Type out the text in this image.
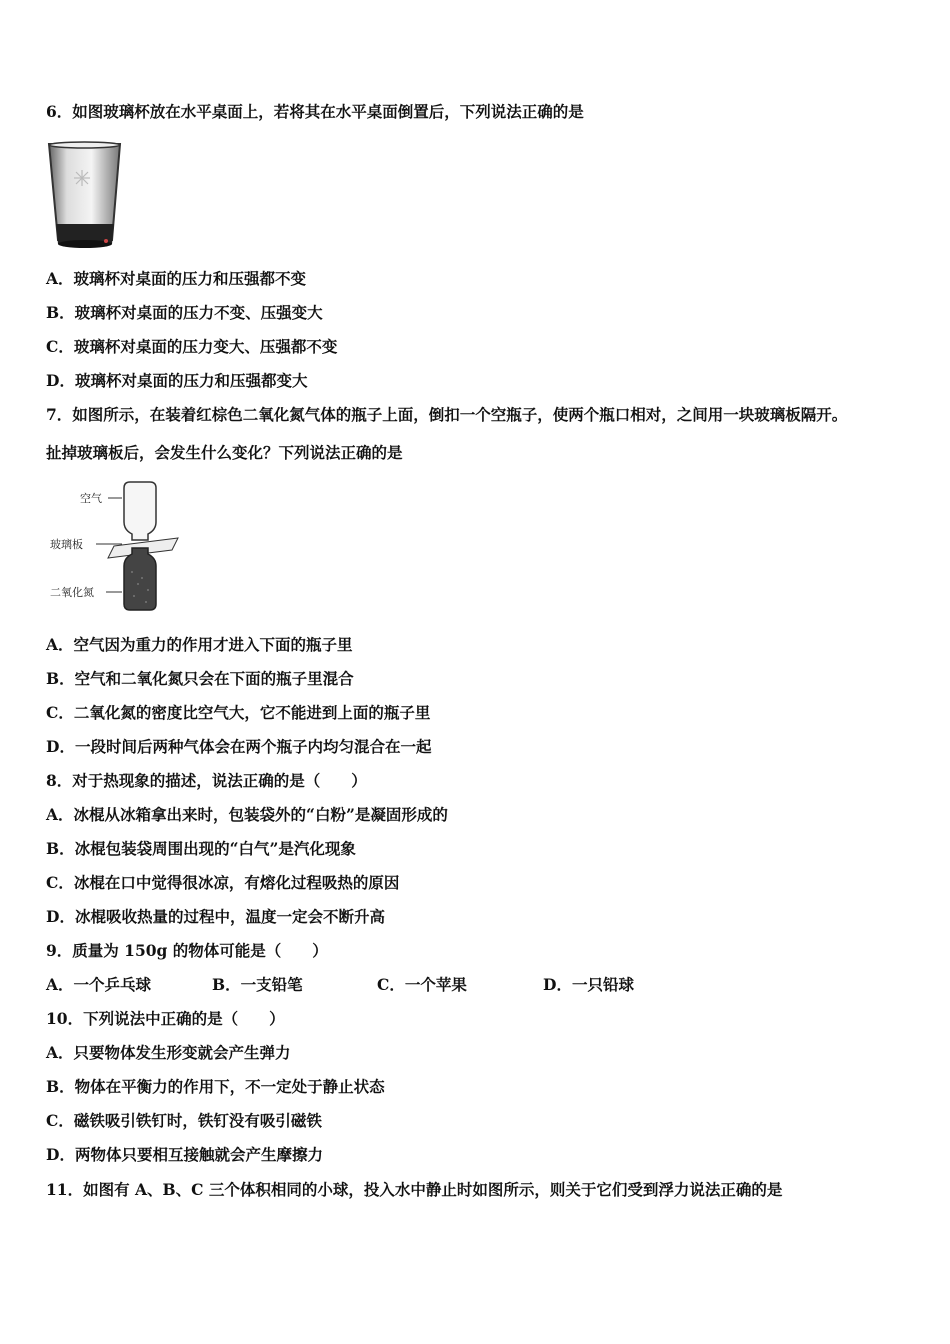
6．如图玻璃杯放在水平桌面上，若将其在水平桌面倒置后，下列说法正确的是
A．玻璃杯对桌面的压力和压强都不变
B．玻璃杯对桌面的压力不变、压强变大
C．玻璃杯对桌面的压力变大、压强都不变
D．玻璃杯对桌面的压力和压强都变大
7．如图所示，在装着红棕色二氧化氮气体的瓶子上面，倒扣一个空瓶子，使两个瓶口相对，之间用一块玻璃板隔开。
扯掉玻璃板后，会发生什么变化？下列说法正确的是
空气
玻璃板
二氧化氮
A．空气因为重力的作用才进入下面的瓶子里
B．空气和二氧化氮只会在下面的瓶子里混合
C．二氧化氮的密度比空气大，它不能进到上面的瓶子里
D．一段时间后两种气体会在两个瓶子内均匀混合在一起
8．对于热现象的描述，说法正确的是（　　）
A．冰棍从冰箱拿出来时，包装袋外的“白粉”是凝固形成的
B．冰棍包装袋周围出现的“白气”是汽化现象
C．冰棍在口中觉得很冰凉，有熔化过程吸热的原因
D．冰棍吸收热量的过程中，温度一定会不断升高
9．质量为 150g 的物体可能是（　　）
A．一个乒乓球	B．一支铅笔	C．一个苹果	D．一只铅球
10．下列说法中正确的是（　　）
A．只要物体发生形变就会产生弹力
B．物体在平衡力的作用下，不一定处于静止状态
C．磁铁吸引铁钉时，铁钉没有吸引磁铁
D．两物体只要相互接触就会产生摩擦力
11．如图有 A、B、C 三个体积相同的小球，投入水中静止时如图所示，则关于它们受到浮力说法正确的是
